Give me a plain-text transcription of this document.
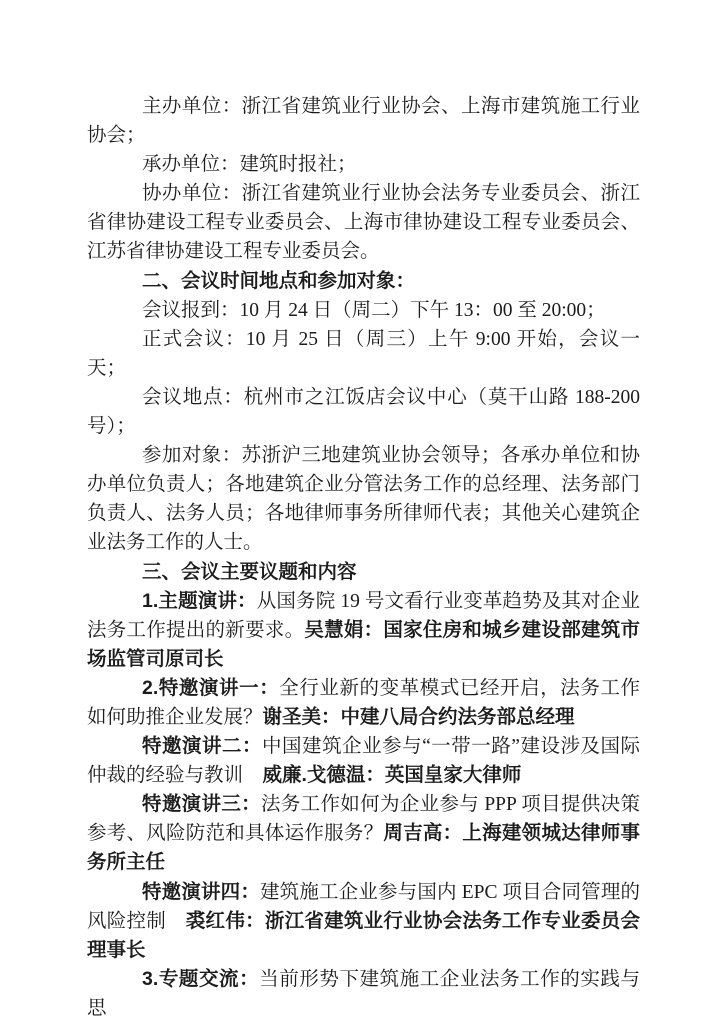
主办单位：浙江省建筑业行业协会、上海市建筑施工行业协会；

承办单位：建筑时报社；

协办单位：浙江省建筑业行业协会法务专业委员会、浙江省律协建设工程专业委员会、上海市律协建设工程专业委员会、江苏省律协建设工程专业委员会。

二、会议时间地点和参加对象：

会议报到：10 月 24 日（周二）下午 13：00 至 20:00；

正式会议：10 月 25 日（周三）上午 9:00 开始，会议一天；

会议地点：杭州市之江饭店会议中心（莫干山路 188-200 号）；

参加对象：苏浙沪三地建筑业协会领导；各承办单位和协办单位负责人；各地建筑企业分管法务工作的总经理、法务部门负责人、法务人员；各地律师事务所律师代表；其他关心建筑企业法务工作的人士。

三、会议主要议题和内容

1.主题演讲：从国务院 19 号文看行业变革趋势及其对企业法务工作提出的新要求。吴慧娟：国家住房和城乡建设部建筑市场监管司原司长

2.特邀演讲一：全行业新的变革模式已经开启，法务工作如何助推企业发展？谢圣美：中建八局合约法务部总经理

特邀演讲二：中国建筑企业参与“一带一路”建设涉及国际仲裁的经验与教训　威廉.戈德温：英国皇家大律师

特邀演讲三：法务工作如何为企业参与 PPP 项目提供决策参考、风险防范和具体运作服务？周吉高：上海建领城达律师事务所主任

特邀演讲四：建筑施工企业参与国内 EPC 项目合同管理的风险控制　裘红伟：浙江省建筑业行业协会法务工作专业委员会理事长

3.专题交流：当前形势下建筑施工企业法务工作的实践与思
